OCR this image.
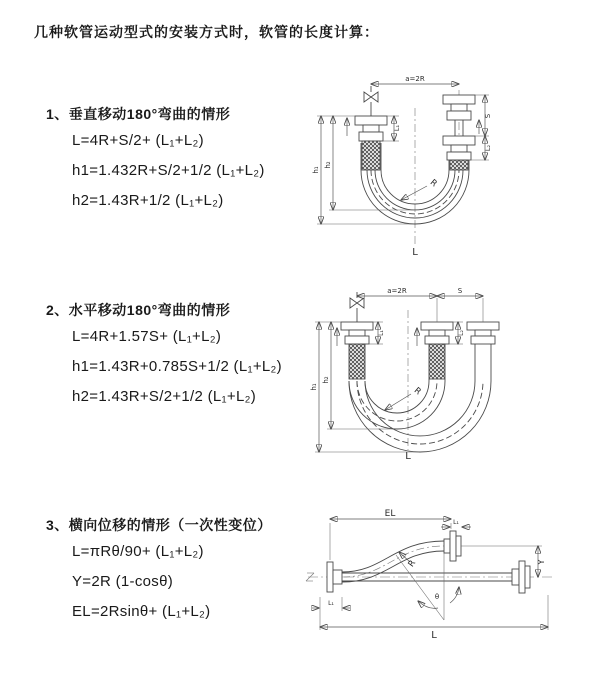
几种软管运动型式的安装方式时，软管的长度计算：
1、垂直移动180°弯曲的情形
L=4R+S/2+ (L₁+L₂)
h1=1.432R+S/2+1/2 (L₁+L₂)
h2=1.43R+1/2 (L₁+L₂)
2、水平移动180°弯曲的情形
L=4R+1.57S+ (L₁+L₂)
h1=1.43R+0.785S+1/2 (L₁+L₂)
h2=1.43R+S/2+1/2 (L₁+L₂)
3、横向位移的情形（一次性变位）
L=πRθ/90+ (L₁+L₂)
Y=2R (1-cosθ)
EL=2Rsinθ+ (L₁+L₂)
a=2R
S
L₂
L₁
h₁
h₂
R
L
a=2R	S
L₁	L₂
h₁
h₂
R
L
EL
L₁
Y
R
θ
L₁
L
